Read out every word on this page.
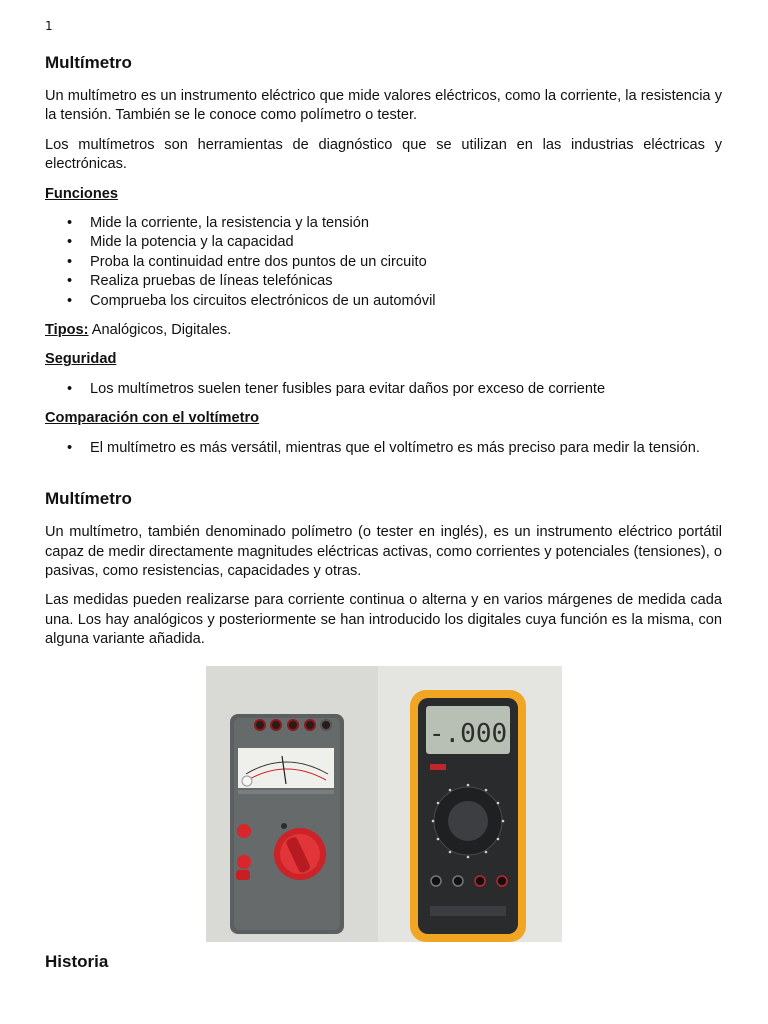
1
Multímetro

Un multímetro es un instrumento eléctrico que mide valores eléctricos, como la corriente, la resistencia y la tensión. También se le conoce como polímetro o tester.

Los multímetros son herramientas de diagnóstico que se utilizan en las industrias eléctricas y electrónicas.

Funciones
• Mide la corriente, la resistencia y la tensión
• Mide la potencia y la capacidad
• Proba la continuidad entre dos puntos de un circuito
• Realiza pruebas de líneas telefónicas
• Comprueba los circuitos electrónicos de un automóvil

Tipos: Analógicos, Digitales.

Seguridad
• Los multímetros suelen tener fusibles para evitar daños por exceso de corriente
Comparación con el voltímetro
• El multímetro es más versátil, mientras que el voltímetro es más preciso para medir la tensión.
Multímetro

Un multímetro, también denominado polímetro (o tester en inglés), es un instrumento eléctrico portátil capaz de medir directamente magnitudes eléctricas activas, como corrientes y potenciales (tensiones), o pasivas, como resistencias, capacidades y otras.

Las medidas pueden realizarse para corriente continua o alterna y en varios márgenes de medida cada una. Los hay analógicos y posteriormente se han introducido los digitales cuya función es la misma, con alguna variante añadida.

-.000
Historia
